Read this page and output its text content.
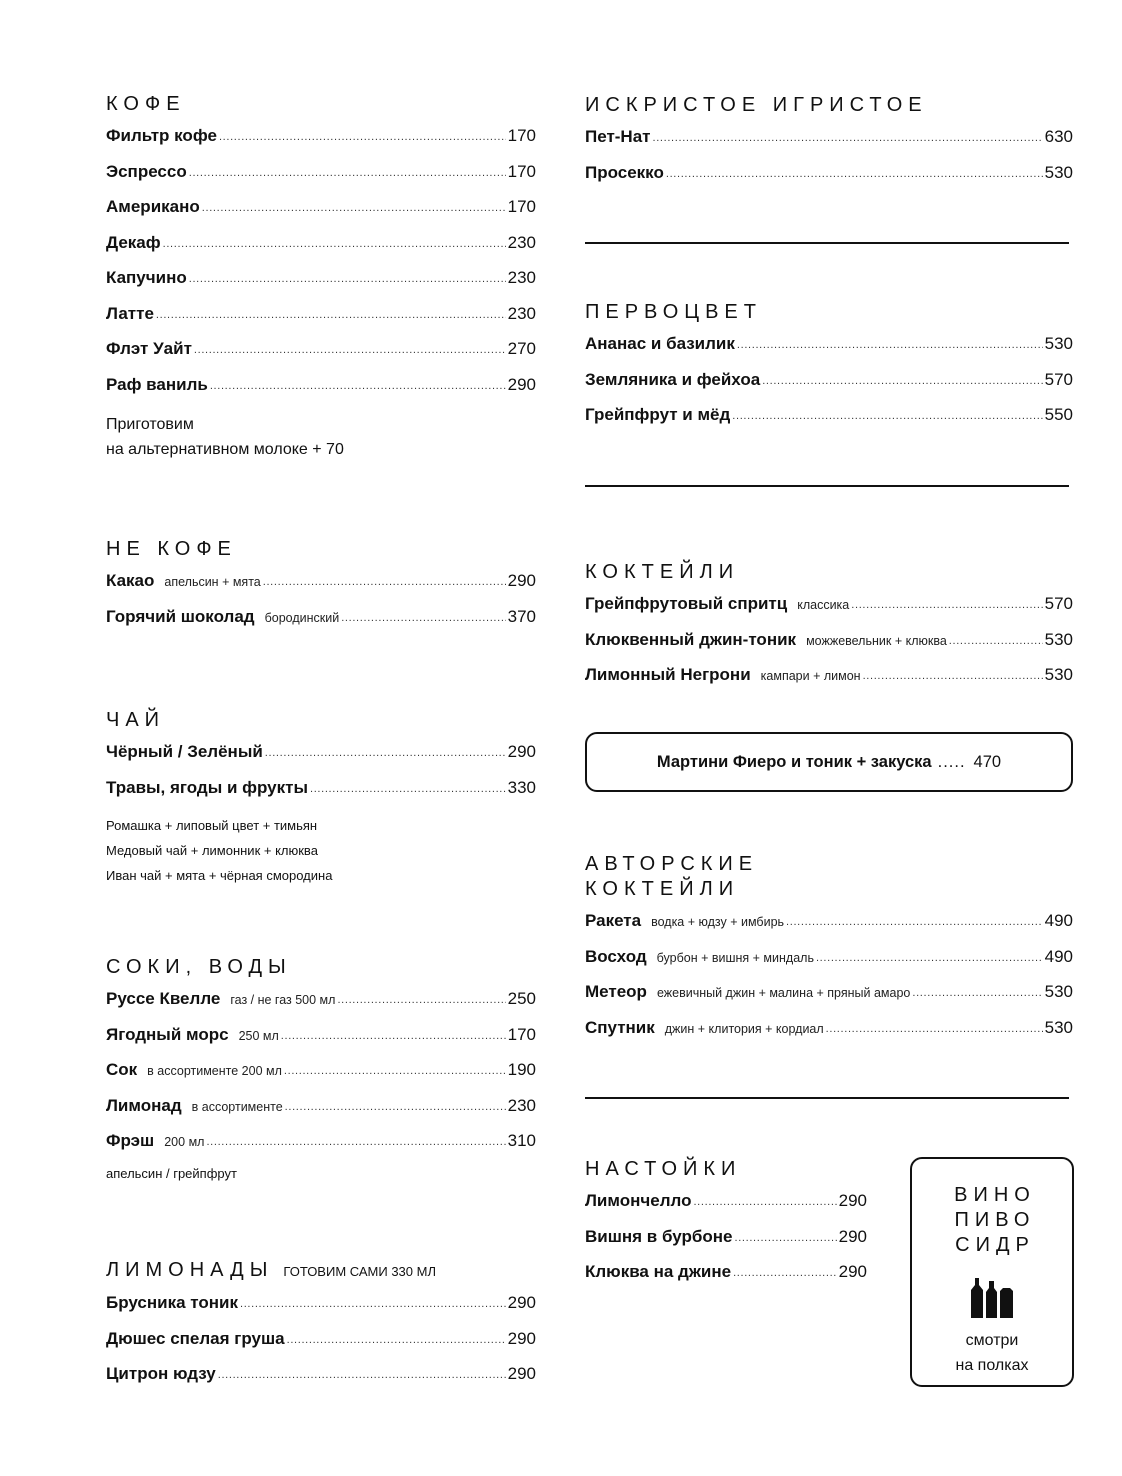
КОФЕ
Фильтр кофе . . .	170
Эспрессо . . .	170
Американо . . .	170
Декаф . . .	230
Капучино . . .	230
Латте . . .	230
Флэт Уайт . . .	270
Раф ваниль . . .	290
Приготовим
на альтернативном молоке + 70
НЕ КОФЕ
Какао апельсин + мята . . .	290
Горячий шоколад бородинский . . .	370
ЧАЙ
Чёрный / Зелёный . . .	290
Травы, ягоды и фрукты . . .	330
Ромашка + липовый цвет + тимьян
Медовый чай + лимонник + клюква
Иван чай + мята + чёрная смородина
СОКИ, ВОДЫ
Руссе Квелле газ / не газ 500 мл . . .	250
Ягодный морс 250 мл . . .	170
Сок в ассортименте 200 мл . . .	190
Лимонад в ассортименте . . .	230
Фрэш 200 мл . . .	310
апельсин / грейпфрут
ЛИМОНАДЫ ГОТОВИМ САМИ 330 МЛ
Брусника тоник . . .	290
Дюшес спелая груша . . .	290
Цитрон юдзу . . .	290
ИСКРИСТОЕ ИГРИСТОЕ
Пет-Нат . . .	630
Просекко . . .	530
ПЕРВОЦВЕТ
Ананас и базилик . . .	530
Земляника и фейхоа . . .	570
Грейпфрут и мёд . . .	550
КОКТЕЙЛИ
Грейпфрутовый спритц классика . . .	570
Клюквенный джин-тоник можжевельник + клюква . . .	530
Лимонный Негрони кампари + лимон . . .	530
Мартини Фиеро и тоник + закуска ..... 470
АВТОРСКИЕ
КОКТЕЙЛИ
Ракета водка + юдзу + имбирь . . .	490
Восход бурбон + вишня + миндаль . . .	490
Метеор ежевичный джин + малина + пряный амаро . . .	530
Спутник джин + клитория + кордиал . . .	530
НАСТОЙКИ
Лимончелло . . .	290
Вишня в бурбоне . . .	290
Клюква на джине . . .	290
ВИНО
ПИВО
СИДР
смотри
на полках
